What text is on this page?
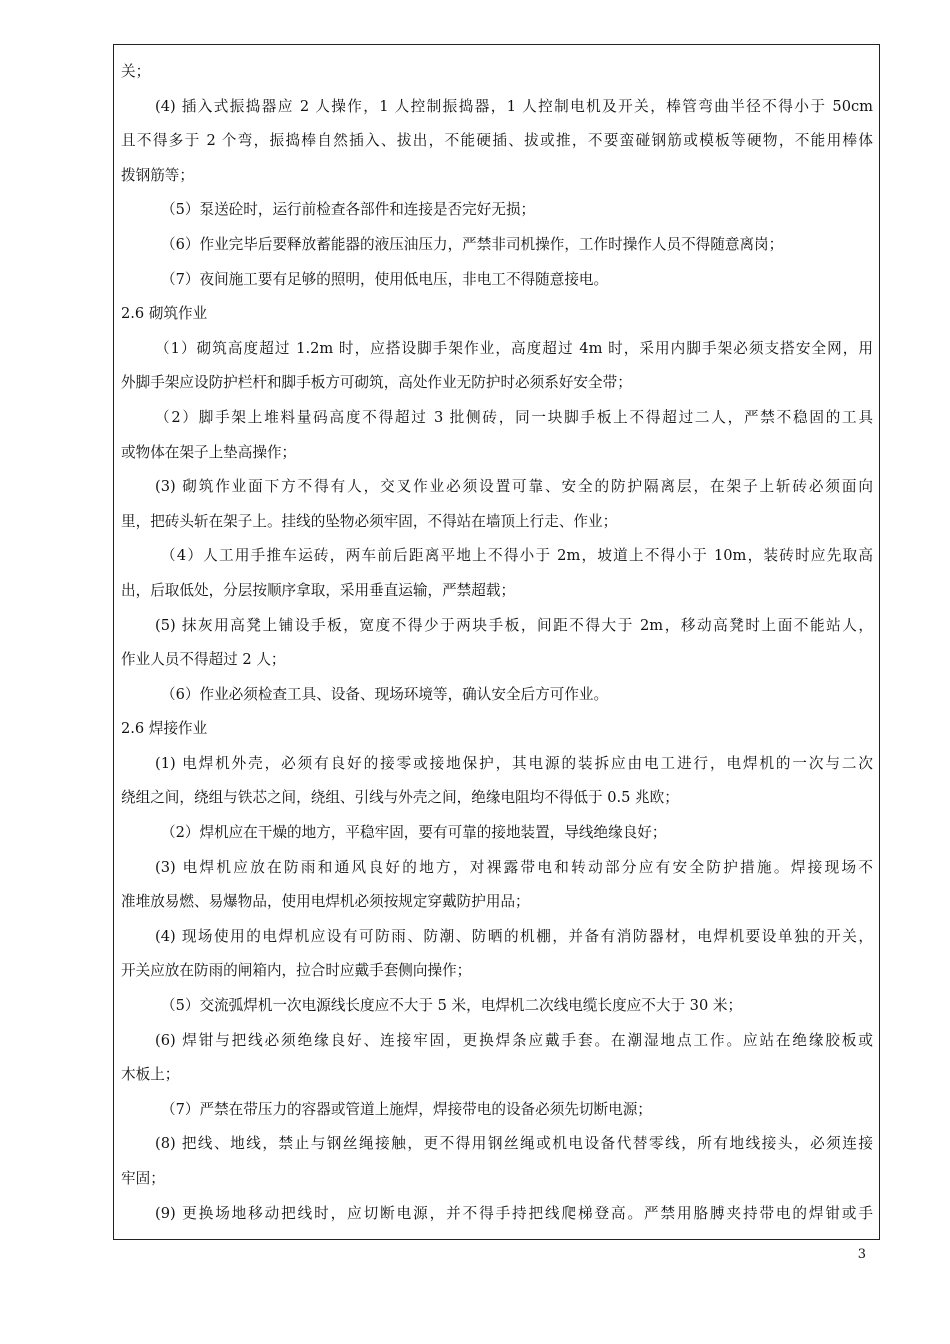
关；
(4) 插入式振捣器应 2 人操作，1 人控制振捣器，1 人控制电机及开关，棒管弯曲半径不得小于 50cm
且不得多于 2 个弯，振捣棒自然插入、拔出，不能硬插、拔或推，不要蛮碰钢筋或模板等硬物，不能用棒体
拨钢筋等；
（5）泵送砼时，运行前检查各部件和连接是否完好无损；
（6）作业完毕后要释放蓄能器的液压油压力，严禁非司机操作，工作时操作人员不得随意离岗；
（7）夜间施工要有足够的照明，使用低电压，非电工不得随意接电。
2.6 砌筑作业
（1）砌筑高度超过 1.2m 时，应搭设脚手架作业，高度超过 4m 时，采用内脚手架必须支搭安全网，用
外脚手架应设防护栏杆和脚手板方可砌筑，高处作业无防护时必须系好安全带；
（2）脚手架上堆料量码高度不得超过 3 批侧砖，同一块脚手板上不得超过二人，严禁不稳固的工具
或物体在架子上垫高操作；
(3) 砌筑作业面下方不得有人，交叉作业必须设置可靠、安全的防护隔离层，在架子上斩砖必须面向
里，把砖头斩在架子上。挂线的坠物必须牢固，不得站在墙顶上行走、作业；
（4）人工用手推车运砖，两车前后距离平地上不得小于 2m，坡道上不得小于 10m，装砖时应先取高
出，后取低处，分层按顺序拿取，采用垂直运输，严禁超载；
(5) 抹灰用高凳上铺设手板，宽度不得少于两块手板，间距不得大于 2m，移动高凳时上面不能站人，
作业人员不得超过 2 人；
（6）作业必须检查工具、设备、现场环境等，确认安全后方可作业。
2.6 焊接作业
(1) 电焊机外壳，必须有良好的接零或接地保护，其电源的装拆应由电工进行，电焊机的一次与二次
绕组之间，绕组与铁芯之间，绕组、引线与外壳之间，绝缘电阻均不得低于 0.5 兆欧；
（2）焊机应在干燥的地方，平稳牢固，要有可靠的接地装置，导线绝缘良好；
(3) 电焊机应放在防雨和通风良好的地方，对裸露带电和转动部分应有安全防护措施。焊接现场不
准堆放易燃、易爆物品，使用电焊机必须按规定穿戴防护用品；
(4) 现场使用的电焊机应设有可防雨、防潮、防晒的机棚，并备有消防器材，电焊机要设单独的开关，
开关应放在防雨的闸箱内，拉合时应戴手套侧向操作；
（5）交流弧焊机一次电源线长度应不大于 5 米，电焊机二次线电缆长度应不大于 30 米；
(6) 焊钳与把线必须绝缘良好、连接牢固，更换焊条应戴手套。在潮湿地点工作。应站在绝缘胶板或
木板上；
（7）严禁在带压力的容器或管道上施焊，焊接带电的设备必须先切断电源；
(8) 把线、地线，禁止与钢丝绳接触，更不得用钢丝绳或机电设备代替零线，所有地线接头，必须连接
牢固；
(9) 更换场地移动把线时，应切断电源，并不得手持把线爬梯登高。严禁用胳膊夹持带电的焊钳或手
3
